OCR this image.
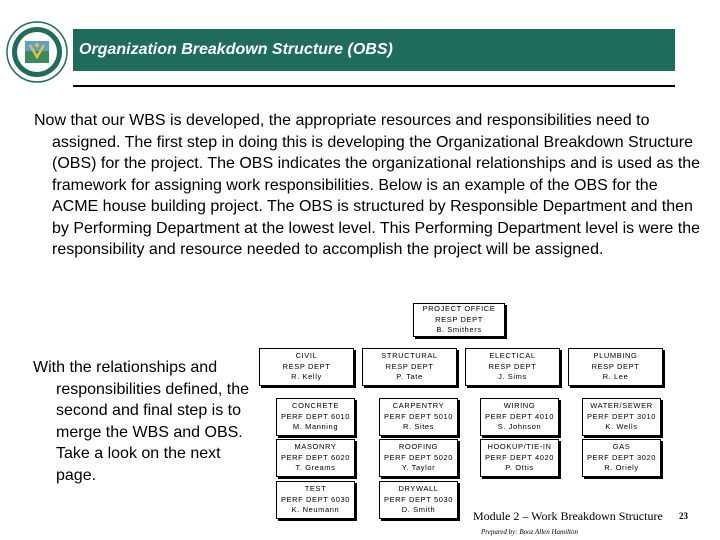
Organization Breakdown Structure (OBS)
Now that our WBS is developed, the appropriate resources and responsibilities need to assigned. The first step in doing this is developing the Organizational Breakdown Structure (OBS) for the project. The OBS indicates the organizational relationships and is used as the framework for assigning work responsibilities. Below is an example of the OBS for the ACME house building project. The OBS is structured by Responsible Department and then by Performing Department at the lowest level. This Performing Department level is were the responsibility and resource needed to accomplish the project will be assigned.
With the relationships and responsibilities defined, the second and final step is to merge the WBS and OBS. Take a look on the next page.
PROJECT OFFICE
RESP DEPT
B. Smithers
CIVIL
RESP DEPT
R. Kelly
STRUCTURAL
RESP DEPT
P. Tate
ELECTICAL
RESP DEPT
J. Sims
PLUMBING
RESP DEPT
R. Lee
CONCRETE
PERF DEPT 6010
M. Manning
CARPENTRY
PERF DEPT 5010
R. Sites
WIRING
PERF DEPT 4010
S. Johnson
WATER/SEWER
PERF DEPT 3010
K. Wells
MASONRY
PERF DEPT 6020
T. Greams
ROOFING
PERF DEPT 5020
Y. Taylor
HOOKUP/TIE-IN
PERF DEPT 4020
P. Ottis
GAS
PERF DEPT 3020
R. Oriely
TEST
PERF DEPT 6030
K. Neumann
DRYWALL
PERF DEPT 5030
D. Smith	Module 2 – Work Breakdown Structure 23
Prepared by: Booz Allen Hamilton
